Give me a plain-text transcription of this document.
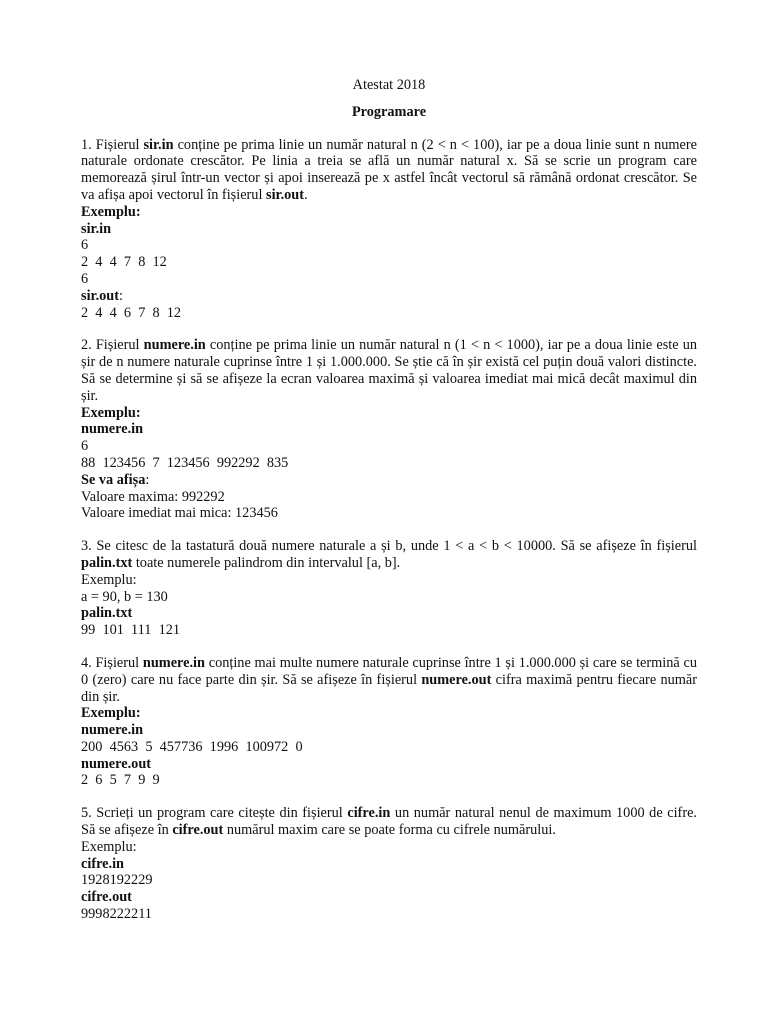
Atestat 2018

Programare

1. Fișierul sir.in conține pe prima linie un număr natural n (2 < n < 100), iar pe a doua linie sunt n numere naturale ordonate crescător. Pe linia a treia se află un număr natural x. Să se scrie un program care memorează șirul într-un vector și apoi inserează pe x astfel încât vectorul să rămână ordonat crescător. Se va afișa apoi vectorul în fișierul sir.out.

Exemplu:
sir.in
6
2  4  4  7  8  12
6
sir.out:
2  4  4  6  7  8  12

2. Fișierul numere.in conține pe prima linie un număr natural n (1 < n < 1000), iar pe a doua linie este un șir de n numere naturale cuprinse între 1 și 1.000.000. Se știe că în șir există cel puțin două valori distincte. Să se determine și să se afișeze la ecran valoarea maximă și valoarea imediat mai mică decât maximul din șir.

Exemplu:
numere.in
6
88  123456  7  123456  992292  835
Se va afișa:
Valoare maxima: 992292
Valoare imediat mai mica: 123456

3. Se citesc de la tastatură două numere naturale a și b, unde 1 < a < b < 10000. Să se afișeze în fișierul palin.txt toate numerele palindrom din intervalul [a, b].

Exemplu:
a = 90, b = 130
palin.txt
99  101  111  121

4. Fișierul numere.in conține mai multe numere naturale cuprinse între 1 și 1.000.000 și care se termină cu 0 (zero) care nu face parte din șir. Să se afișeze în fișierul numere.out cifra maximă pentru fiecare număr din șir.

Exemplu:
numere.in
200  4563  5  457736  1996  100972  0
numere.out
2  6  5  7  9  9

5. Scrieți un program care citește din fișierul cifre.in un număr natural nenul de maximum 1000 de cifre. Să se afișeze în cifre.out numărul maxim care se poate forma cu cifrele numărului.

Exemplu:
cifre.in
1928192229
cifre.out
9998222211
